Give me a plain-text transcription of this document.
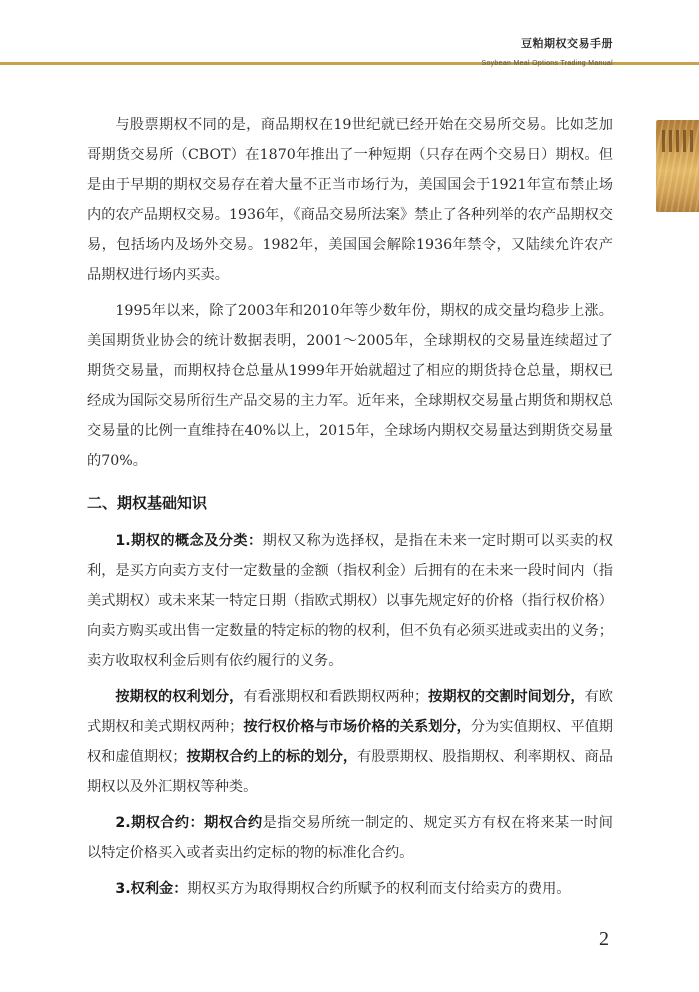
豆粕期权交易手册
Soybean Meal Options Trading Manual

与股票期权不同的是，商品期权在19世纪就已经开始在交易所交易。比如芝加哥期货交易所（CBOT）在1870年推出了一种短期（只存在两个交易日）期权。但是由于早期的期权交易存在着大量不正当市场行为，美国国会于1921年宣布禁止场内的农产品期权交易。1936年，《商品交易所法案》禁止了各种列举的农产品期权交易，包括场内及场外交易。1982年，美国国会解除1936年禁令，又陆续允许农产品期权进行场内买卖。

1995年以来，除了2003年和2010年等少数年份，期权的成交量均稳步上涨。美国期货业协会的统计数据表明，2001～2005年，全球期权的交易量连续超过了期货交易量，而期权持仓总量从1999年开始就超过了相应的期货持仓总量，期权已经成为国际交易所衍生产品交易的主力军。近年来，全球期权交易量占期货和期权总交易量的比例一直维持在40%以上，2015年，全球场内期权交易量达到期货交易量的70%。

二、期权基础知识

1.期权的概念及分类：期权又称为选择权，是指在未来一定时期可以买卖的权利，是买方向卖方支付一定数量的金额（指权利金）后拥有的在未来一段时间内（指美式期权）或未来某一特定日期（指欧式期权）以事先规定好的价格（指行权价格）向卖方购买或出售一定数量的特定标的物的权利，但不负有必须买进或卖出的义务；卖方收取权利金后则有依约履行的义务。

按期权的权利划分，有看涨期权和看跌期权两种；按期权的交割时间划分，有欧式期权和美式期权两种；按行权价格与市场价格的关系划分，分为实值期权、平值期权和虚值期权；按期权合约上的标的划分，有股票期权、股指期权、利率期权、商品期权以及外汇期权等种类。

2.期权合约：期权合约是指交易所统一制定的、规定买方有权在将来某一时间以特定价格买入或者卖出约定标的物的标准化合约。

3.权利金：期权买方为取得期权合约所赋予的权利而支付给卖方的费用。

2
